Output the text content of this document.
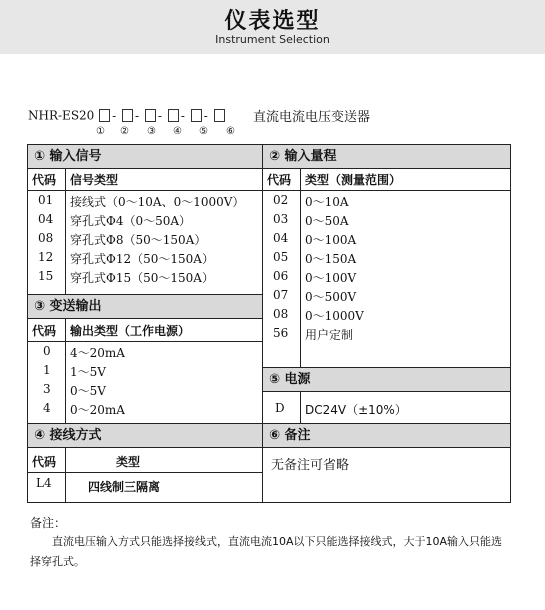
仪表选型
Instrument Selection
NHR-ES20 - - - - -	直流电流电压变送器
① ② ③ ④ ⑤ ⑥
① 输入信号
代码 信号类型
01 接线式（0～10A、0～1000V）
04 穿孔式Φ4（0～50A）
08 穿孔式Φ8（50～150A）
12 穿孔式Φ12（50～150A）
15 穿孔式Φ15（50～150A）
③ 变送输出
代码 输出类型（工作电源）
0 4～20mA
1 1～5V
3 0～5V
4 0～20mA
④ 接线方式
代码	类型
L4	四线制三隔离
② 输入量程
代码 类型（测量范围）
02 0～10A
03 0～50A
04 0～100A
05 0～150A
06 0～100V
07 0～500V
08 0～1000V
56 用户定制
⑤ 电源
D DC24V（±10%）
⑥ 备注
无备注可省略
备注：
直流电压输入方式只能选择接线式，直流电流10A以下只能选择接线式，大于10A输入只能选择穿孔式。
